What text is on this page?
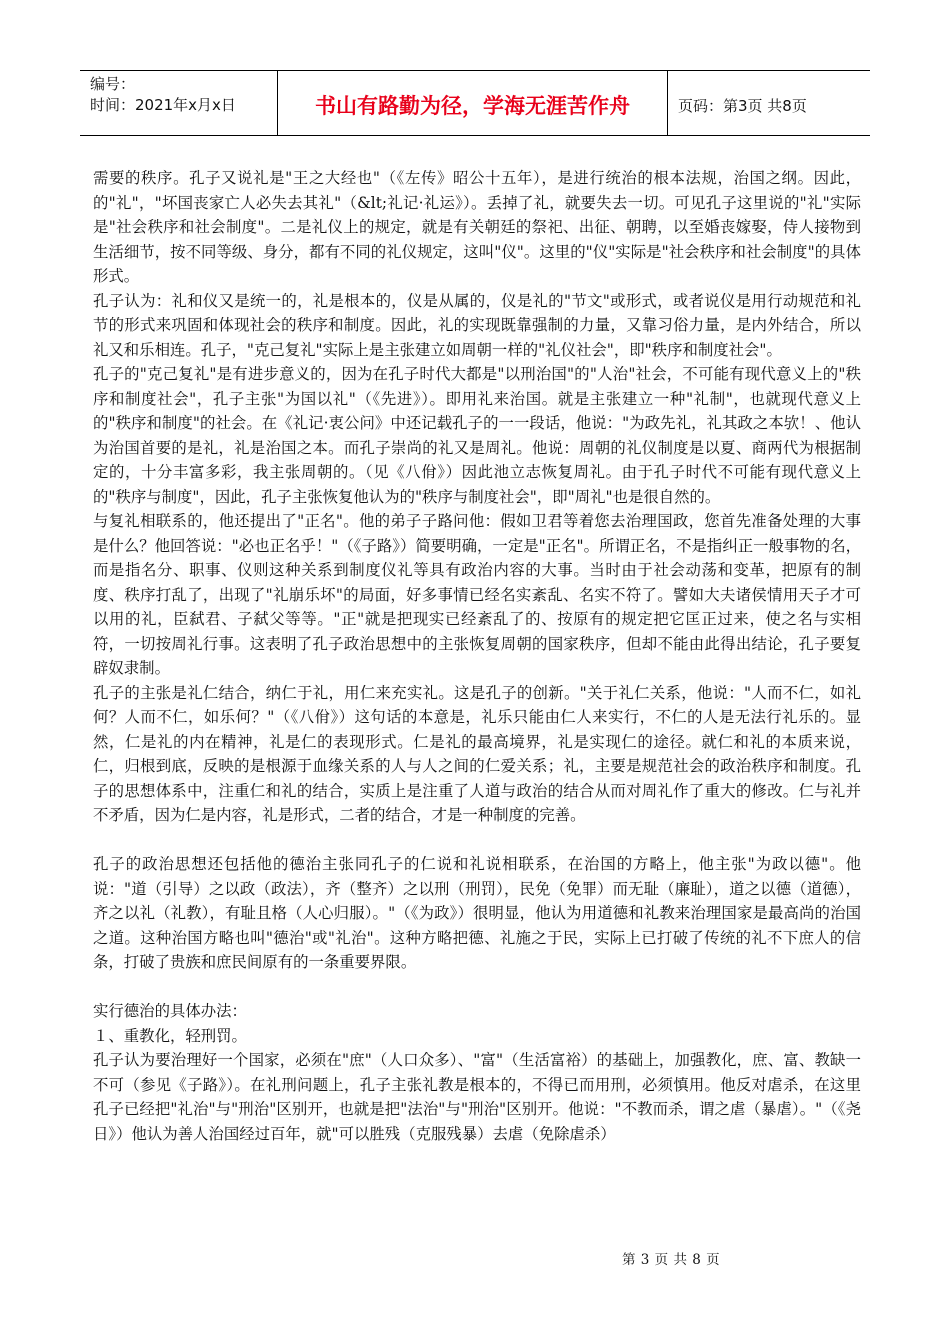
编号：
时间：2021年x月x日	书山有路勤为径，学海无涯苦作舟	页码：第3页 共8页

需要的秩序。孔子又说礼是"王之大经也"（《左传》昭公十五年），是进行统治的根本法规，治国之纲。因此，的"礼"，"坏国丧家亡人必失去其礼"（&lt;礼记·礼运》）。丢掉了礼，就要失去一切。可见孔子这里说的"礼"实际是"社会秩序和社会制度"。二是礼仪上的规定，就是有关朝廷的祭祀、出征、朝聘，以至婚丧嫁娶，侍人接物到生活细节，按不同等级、身分，都有不同的礼仪规定，这叫"仪"。这里的"仪"实际是"社会秩序和社会制度"的具体形式。

孔子认为：礼和仪又是统一的，礼是根本的，仪是从属的，仪是礼的"节文"或形式，或者说仪是用行动规范和礼节的形式来巩固和体现社会的秩序和制度。因此，礼的实现既靠强制的力量，又靠习俗力量，是内外结合，所以礼又和乐相连。孔子，"克己复礼"实际上是主张建立如周朝一样的"礼仪社会"，即"秩序和制度社会"。

孔子的"克己复礼"是有进步意义的，因为在孔子时代大都是"以刑治国"的"人治"社会，不可能有现代意义上的"秩序和制度社会"，孔子主张"为国以礼"（《先进》）。即用礼来治国。就是主张建立一种"礼制"，也就现代意义上的"秩序和制度"的社会。在《礼记·衷公问》中还记载孔子的一一段话，他说："为政先礼，礼其政之本欤！、他认为治国首要的是礼，礼是治国之本。而孔子崇尚的礼又是周礼。他说：周朝的礼仪制度是以夏、商两代为根据制定的，十分丰富多彩，我主张周朝的。（见《八佾》）因此池立志恢复周礼。由于孔子时代不可能有现代意义上的"秩序与制度"，因此，孔子主张恢复他认为的"秩序与制度社会"，即"周礼"也是很自然的。

与复礼相联系的，他还提出了"正名"。他的弟子子路问他：假如卫君等着您去治理国政，您首先准备处理的大事是什么？他回答说："必也正名乎！"（《子路》）简要明确，一定是"正名"。所谓正名，不是指纠正一般事物的名，而是指名分、职事、仪则这种关系到制度仪礼等具有政治内容的大事。当时由于社会动荡和变革，把原有的制度、秩序打乱了，出现了"礼崩乐坏"的局面，好多事情已经名实紊乱、名实不符了。譬如大夫诸侯情用天子才可以用的礼，臣弑君、子弑父等等。"正"就是把现实已经紊乱了的、按原有的规定把它匡正过来，使之名与实相符，一切按周礼行事。这表明了孔子政治思想中的主张恢复周朝的国家秩序，但却不能由此得出结论，孔子要复辟奴隶制。

孔子的主张是礼仁结合，纳仁于礼，用仁来充实礼。这是孔子的创新。"关于礼仁关系，他说："人而不仁，如礼何？人而不仁，如乐何？"（《八佾》）这句话的本意是，礼乐只能由仁人来实行，不仁的人是无法行礼乐的。显然，仁是礼的内在精神，礼是仁的表现形式。仁是礼的最高境界，礼是实现仁的途径。就仁和礼的本质来说，仁，归根到底，反映的是根源于血缘关系的人与人之间的仁爱关系；礼，主要是规范社会的政治秩序和制度。孔子的思想体系中，注重仁和礼的结合，实质上是注重了人道与政治的结合从而对周礼作了重大的修改。仁与礼并不矛盾，因为仁是内容，礼是形式，二者的结合，才是一种制度的完善。

孔子的政治思想还包括他的德治主张同孔子的仁说和礼说相联系，在治国的方略上，他主张"为政以德"。他说："道（引导）之以政（政法），齐（整齐）之以刑（刑罚），民免（免罪）而无耻（廉耻），道之以德（道德），齐之以礼（礼教），有耻且格（人心归服）。"（《为政》）很明显，他认为用道德和礼教来治理国家是最高尚的治国之道。这种治国方略也叫"德治"或"礼治"。这种方略把德、礼施之于民，实际上已打破了传统的礼不下庶人的信条，打破了贵族和庶民间原有的一条重要界限。

实行德治的具体办法：

１、重教化，轻刑罚。

孔子认为要治理好一个国家，必须在"庶"（人口众多）、"富"（生活富裕）的基础上，加强教化，庶、富、教缺一不可（参见《子路》）。在礼刑问题上，孔子主张礼教是根本的，不得已而用刑，必须慎用。他反对虐杀，在这里孔子已经把"礼治"与"刑治"区别开，也就是把"法治"与"刑治"区别开。他说："不教而杀，谓之虐（暴虐）。"（《尧日》）他认为善人治国经过百年，就"可以胜残（克服残暴）去虐（免除虐杀）

第 3 页 共 8 页
